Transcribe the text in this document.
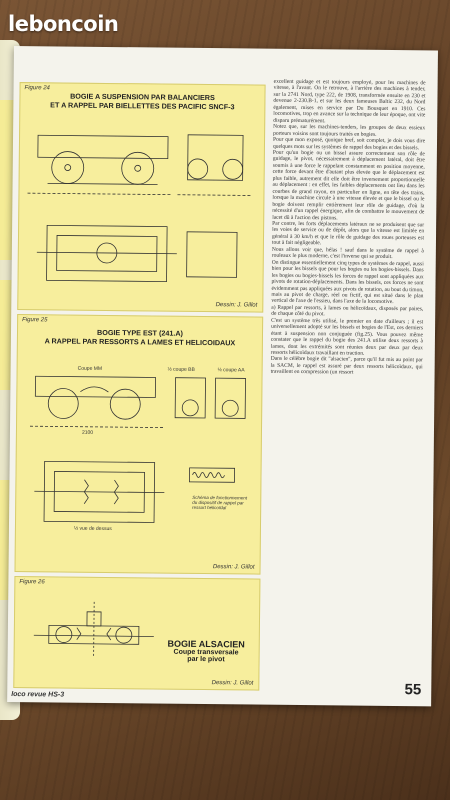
Figure 24
BOGIE A SUSPENSION PAR BALANCIERS
ET A RAPPEL PAR BIELLETTES DES PACIFIC SNCF-3
Dessin: J. Gillot
Figure 25
BOGIE TYPE EST (241.A)
A RAPPEL PAR RESSORTS A LAMES ET HELICOIDAUX
Coupe MM	½ coupe BB	½ coupe AA
2100
½ vue de dessus
Schéma de fonctionnement du dispositif de rappel par ressort hélicoïdal
Dessin: J. Gillot
Figure 26
BOGIE ALSACIEN
Coupe transversale
par le pivot
Dessin: J. Gillot

excellent guidage et est toujours employé, pour les machines de vitesse, à l'avant. On le retrouve, à l'arrière des machines à tender, sur la 2741 Nord, type 222, de 1908, transformée ensuite en 230 et devenue 2-230.B-1, et sur les deux fameuses Baltic 232, du Nord également, mises en service par Du Bousquet en 1910. Ces locomotives, trop en avance sur la technique de leur époque, ont vite disparu prématurément.

Notez que, sur les machines-tenders, les groupes de deux essieux porteurs voisins sont toujours traités en bogies.

Pour que mon exposé, quoique bref, soit complet, je dois vous dire quelques mots sur les systèmes de rappel des bogies et des bissels.

Pour qu'un bogie ou un bissel assure correctement son rôle de guidage, le pivot, nécessairement à déplacement latéral, doit être soumis à une force le rappelant constamment en position moyenne, cette force devant être d'autant plus élevée que le déplacement est plus faible, autrement dit elle doit être inversement proportionnelle au déplacement : en effet, les faibles déplacements ont lieu dans les courbes de grand rayon, en particulier en ligne, en tête des trains, lorsque la machine circule à une vitesse élevée et que le bissel ou le bogie doivent remplir entièrement leur rôle de guidage, d'où la nécessité d'un rappel énergique, afin de combattre le mouvement de lacet dû à l'action des pistons.

Par contre, les forts déplacements latéraux ne se produisent que sur les voies de service ou de dépôt, alors que la vitesse est limitée en général à 30 km/h et que le rôle de guidage des roues porteuses est tout à fait négligeable.

Nous allons voir que, hélas ! sauf dans le système de rappel à rouleaux le plus moderne, c'est l'inverse qui se produit.

On distingue essentiellement cinq types de systèmes de rappel, aussi bien pour les bissels que pour les bogies ou les bogies-bissels. Dans les bogies ou bogies-bissels les forces de rappel sont appliquées aux pivots de rotation-déplacements. Dans les bissels, ces forces ne sont évidemment pas appliquées aux pivots de rotation, au bout du timon, mais au pivot de charge, réel ou fictif, qui est situé dans le plan vertical de l'axe de l'essieu, dans l'axe de la locomotive.

a) Rappel par ressorts, à lames ou hélicoïdaux, disposés par paires, de chaque côté du pivot.

C'est un système très utilisé, le premier en date d'ailleurs ; il est universellement adopté sur les bissels et bogies de l'Est, ces derniers étant à suspension non conjuguée (fig.25). Vous pouvez même constater que le rappel du bogie des 241.A utilise deux ressorts à lames, dont les extrémités sont réunies deux par deux par deux ressorts hélicoïdaux travaillant en traction.

Dans le célèbre bogie dit "alsacien", parce qu'il fut mis au point par la SACM, le rappel est assuré par deux ressorts hélicoïdaux, qui travaillent en compression (un ressort

loco revue HS-3	55
leboncoin
